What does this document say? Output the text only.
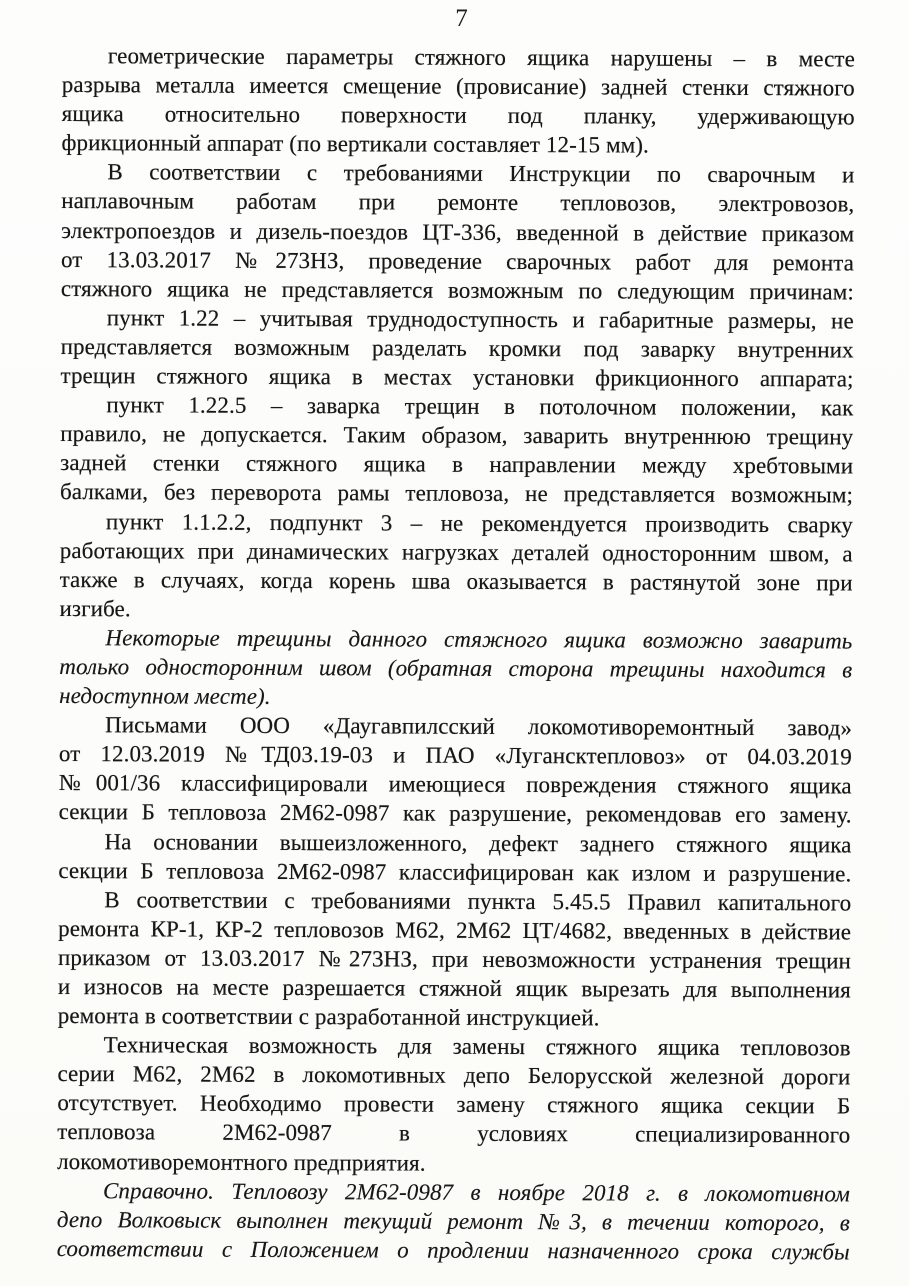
7
геометрические параметры стяжного ящика нарушены – в месте
разрыва металла имеется смещение (провисание) задней стенки стяжного
ящика относительно поверхности под планку, удерживающую
фрикционный аппарат (по вертикали составляет 12-15 мм).
В соответствии с требованиями Инструкции по сварочным и
наплавочным работам при ремонте тепловозов, электровозов,
электропоездов и дизель-поездов ЦТ-336, введенной в действие приказом
от 13.03.2017 №273НЗ, проведение сварочных работ для ремонта
стяжного ящика не представляется возможным по следующим причинам:
пункт 1.22 – учитывая труднодоступность и габаритные размеры, не
представляется возможным разделать кромки под заварку внутренних
трещин стяжного ящика в местах установки фрикционного аппарата;
пункт 1.22.5 – заварка трещин в потолочном положении, как
правило, не допускается. Таким образом, заварить внутреннюю трещину
задней стенки стяжного ящика в направлении между хребтовыми
балками, без переворота рамы тепловоза, не представляется возможным;
пункт 1.1.2.2, подпункт 3 – не рекомендуется производить сварку
работающих при динамических нагрузках деталей односторонним швом, а
также в случаях, когда корень шва оказывается в растянутой зоне при
изгибе.
Некоторые трещины данного стяжного ящика возможно заварить
только односторонним швом (обратная сторона трещины находится в
недоступном месте).
Письмами ООО «Даугавпилсский локомотиворемонтный завод»
от 12.03.2019 №ТД03.19-03 и ПАО «Лугансктепловоз» от 04.03.2019
№001/36 классифицировали имеющиеся повреждения стяжного ящика
секции Б тепловоза 2М62-0987 как разрушение, рекомендовав его замену.
На основании вышеизложенного, дефект заднего стяжного ящика
секции Б тепловоза 2М62-0987 классифицирован как излом и разрушение.
В соответствии с требованиями пункта 5.45.5 Правил капитального
ремонта КР-1, КР-2 тепловозов М62, 2М62 ЦТ/4682, введенных в действие
приказом от 13.03.2017 №273НЗ, при невозможности устранения трещин
и износов на месте разрешается стяжной ящик вырезать для выполнения
ремонта в соответствии с разработанной инструкцией.
Техническая возможность для замены стяжного ящика тепловозов
серии М62, 2М62 в локомотивных депо Белорусской железной дороги
отсутствует. Необходимо провести замену стяжного ящика секции Б
тепловоза 2М62-0987 в условиях специализированного
локомотиворемонтного предприятия.
Справочно. Тепловозу 2М62-0987 в ноябре 2018 г. в локомотивном
депо Волковыск выполнен текущий ремонт №3, в течении которого, в
соответствии с Положением о продлении назначенного срока службы
